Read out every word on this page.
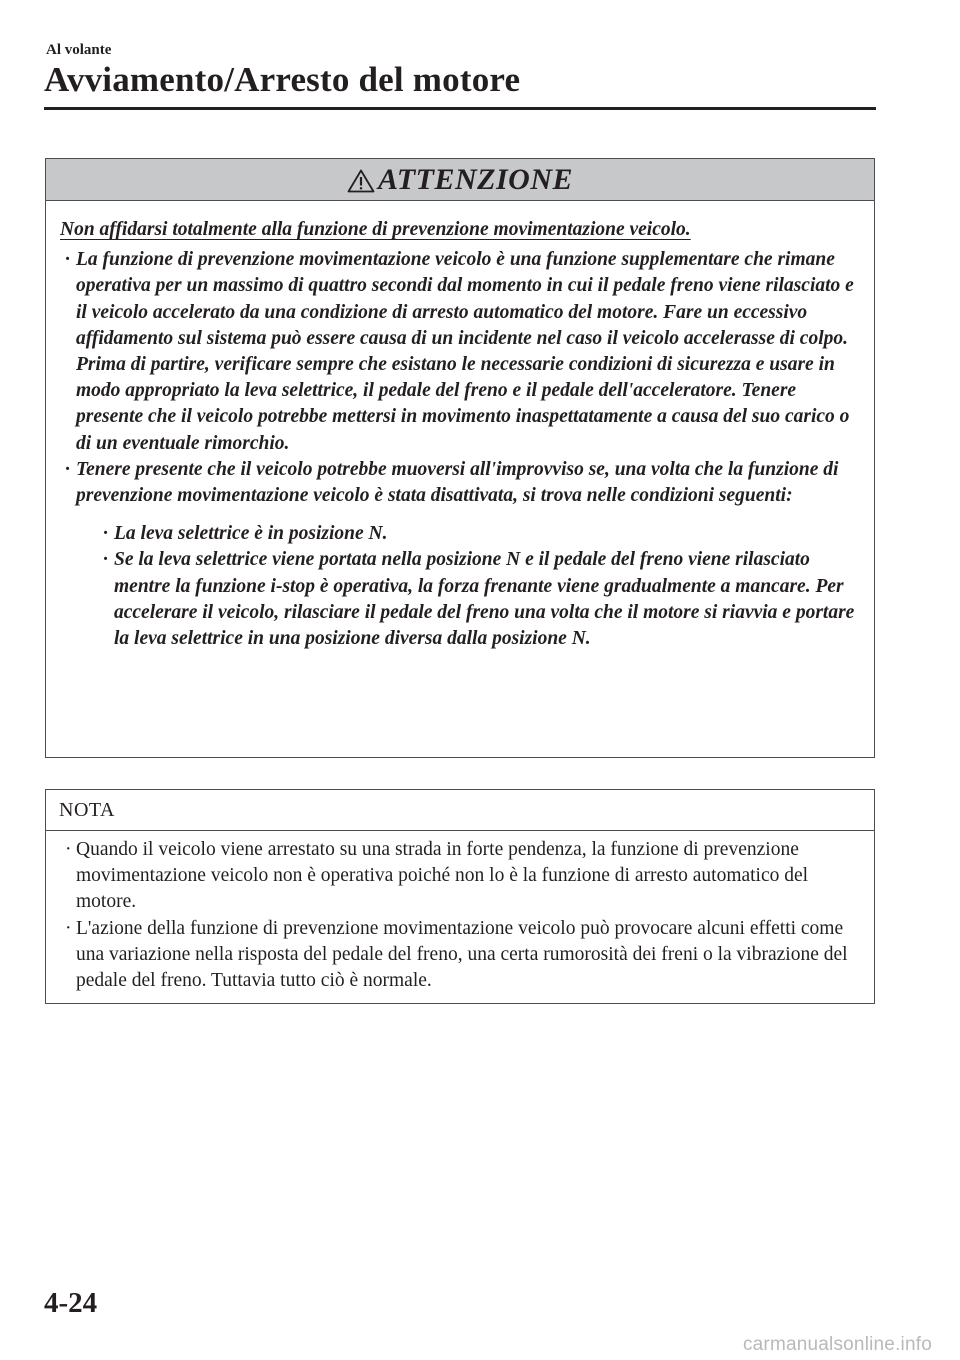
Al volante
Avviamento/Arresto del motore
ATTENZIONE
Non affidarsi totalmente alla funzione di prevenzione movimentazione veicolo.
· La funzione di prevenzione movimentazione veicolo è una funzione supplementare che rimane operativa per un massimo di quattro secondi dal momento in cui il pedale freno viene rilasciato e il veicolo accelerato da una condizione di arresto automatico del motore. Fare un eccessivo affidamento sul sistema può essere causa di un incidente nel caso il veicolo accelerasse di colpo. Prima di partire, verificare sempre che esistano le necessarie condizioni di sicurezza e usare in modo appropriato la leva selettrice, il pedale del freno e il pedale dell'acceleratore. Tenere presente che il veicolo potrebbe mettersi in movimento inaspettatamente a causa del suo carico o di un eventuale rimorchio.
· Tenere presente che il veicolo potrebbe muoversi all'improvviso se, una volta che la funzione di prevenzione movimentazione veicolo è stata disattivata, si trova nelle condizioni seguenti:
· La leva selettrice è in posizione N.
· Se la leva selettrice viene portata nella posizione N e il pedale del freno viene rilasciato mentre la funzione i-stop è operativa, la forza frenante viene gradualmente a mancare. Per accelerare il veicolo, rilasciare il pedale del freno una volta che il motore si riavvia e portare la leva selettrice in una posizione diversa dalla posizione N.
NOTA
· Quando il veicolo viene arrestato su una strada in forte pendenza, la funzione di prevenzione movimentazione veicolo non è operativa poiché non lo è la funzione di arresto automatico del motore.
· L'azione della funzione di prevenzione movimentazione veicolo può provocare alcuni effetti come una variazione nella risposta del pedale del freno, una certa rumorosità dei freni o la vibrazione del pedale del freno. Tuttavia tutto ciò è normale.
4-24
carmanualsonline.info
